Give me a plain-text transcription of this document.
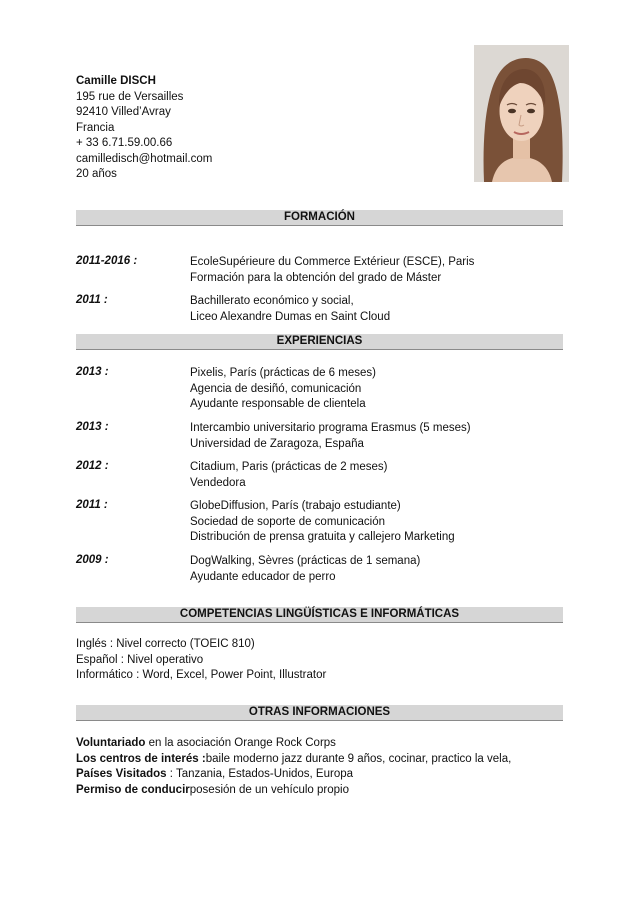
Camille DISCH
195 rue de Versailles
92410 Villed’Avray
Francia
+ 33 6.71.59.00.66
camilledisch@hotmail.com
20 años
FORMACIÓN
2011-2016 :	EcoleSupérieure du Commerce Extérieur (ESCE), Paris
Formación para la obtención del grado de Máster
2011 :	Bachillerato económico y social,
Liceo Alexandre Dumas en Saint Cloud
EXPERIENCIAS
2013 :	Pixelis, París (prácticas de 6 meses)
Agencia de desiñó, comunicación
Ayudante responsable de clientela
2013 :	Intercambio universitario programa Erasmus (5 meses)
Universidad de Zaragoza, España
2012 :	Citadium, Paris (prácticas de 2 meses)
Vendedora
2011 :	GlobeDiffusion, París (trabajo estudiante)
Sociedad de soporte de comunicación
Distribución de prensa gratuita y callejero Marketing
2009 :	DogWalking, Sèvres (prácticas de 1 semana)
Ayudante educador de perro
COMPETENCIAS LINGÜÍSTICAS E INFORMÁTICAS
Inglés : Nivel correcto (TOEIC 810)
Español : Nivel operativo
Informático : Word, Excel, Power Point, Illustrator
OTRAS INFORMACIONES
Voluntariado en la asociación Orange Rock Corps
Los centros de interés :baile moderno jazz durante 9 años, cocinar, practico la vela,
Países Visitados : Tanzania, Estados-Unidos, Europa
Permiso de conducirposesión de un vehículo propio
